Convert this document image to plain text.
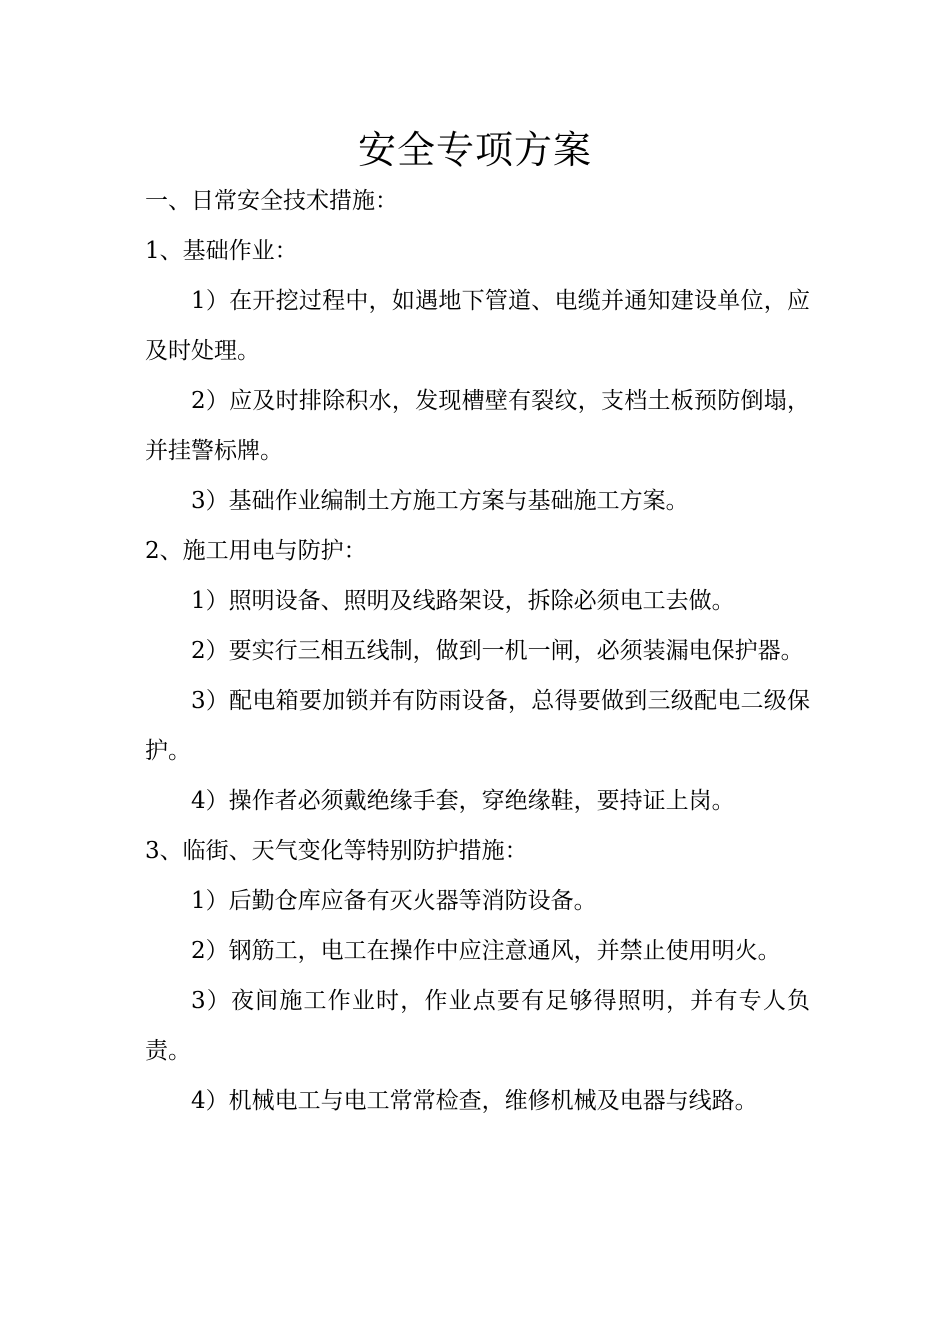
安全专项方案

一、日常安全技术措施：

1、基础作业：

1）在开挖过程中，如遇地下管道、电缆并通知建设单位，应及时处理。

2）应及时排除积水，发现槽壁有裂纹，支档土板预防倒塌，并挂警标牌。

3）基础作业编制土方施工方案与基础施工方案。

2、施工用电与防护：

1）照明设备、照明及线路架设，拆除必须电工去做。

2）要实行三相五线制，做到一机一闸，必须装漏电保护器。

3）配电箱要加锁并有防雨设备，总得要做到三级配电二级保护。

4）操作者必须戴绝缘手套，穿绝缘鞋，要持证上岗。

3、临街、天气变化等特别防护措施：

1）后勤仓库应备有灭火器等消防设备。

2）钢筋工，电工在操作中应注意通风，并禁止使用明火。

3）夜间施工作业时，作业点要有足够得照明，并有专人负责。

4）机械电工与电工常常检查，维修机械及电器与线路。
